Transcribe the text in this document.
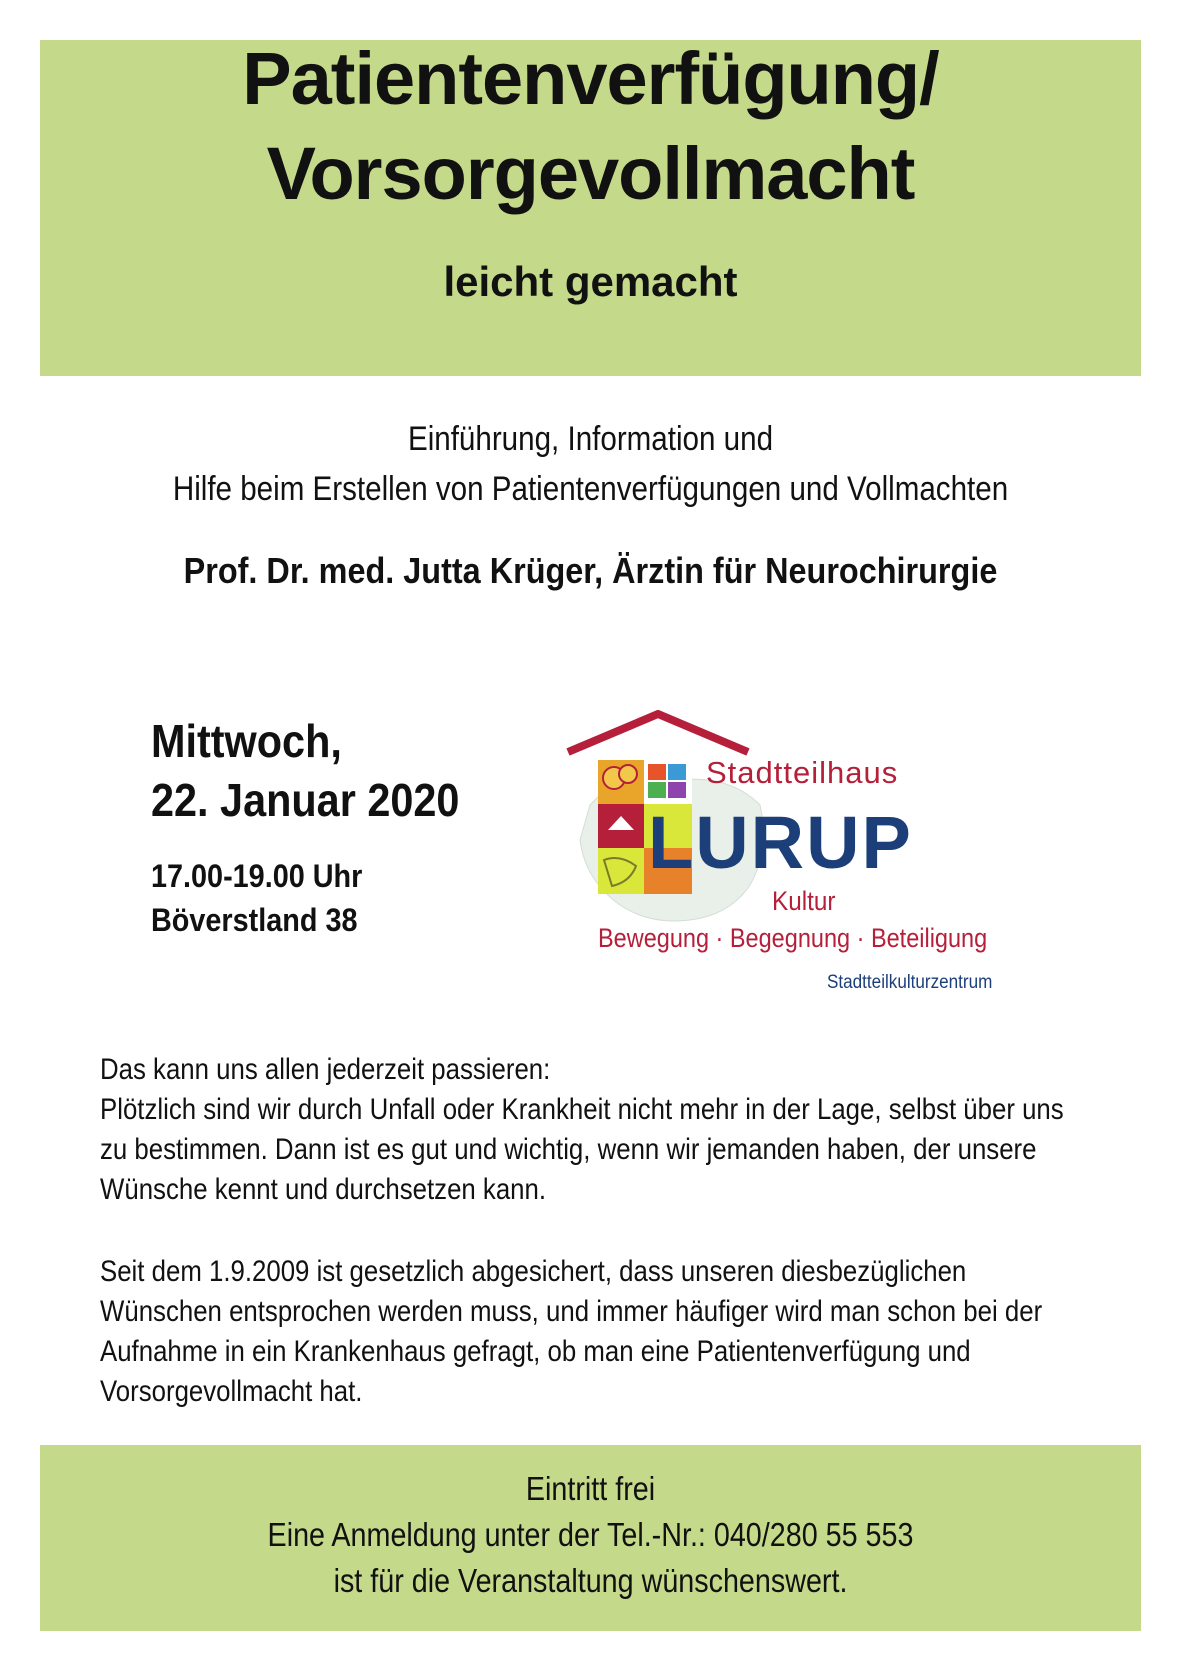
Patientenverfügung/
Vorsorgevollmacht
leicht gemacht
Einführung, Information und
Hilfe beim Erstellen von Patientenverfügungen und Vollmachten
Prof. Dr. med. Jutta Krüger, Ärztin für Neurochirurgie
Mittwoch,
22. Januar 2020
17.00-19.00 Uhr
Böverstland 38
Stadtteilhaus
LURUP
Kultur
Bewegung · Begegnung · Beteiligung
Stadtteilkulturzentrum
Das kann uns allen jederzeit passieren:
Plötzlich sind wir durch Unfall oder Krankheit nicht mehr in der Lage, selbst über uns
zu bestimmen. Dann ist es gut und wichtig, wenn wir jemanden haben, der unsere
Wünsche kennt und durchsetzen kann.
Seit dem 1.9.2009 ist gesetzlich abgesichert, dass unseren diesbezüglichen
Wünschen entsprochen werden muss, und immer häufiger wird man schon bei der
Aufnahme in ein Krankenhaus gefragt, ob man eine Patientenverfügung und
Vorsorgevollmacht hat.
Eintritt frei
Eine Anmeldung unter der Tel.-Nr.: 040/280 55 553
ist für die Veranstaltung wünschenswert.
